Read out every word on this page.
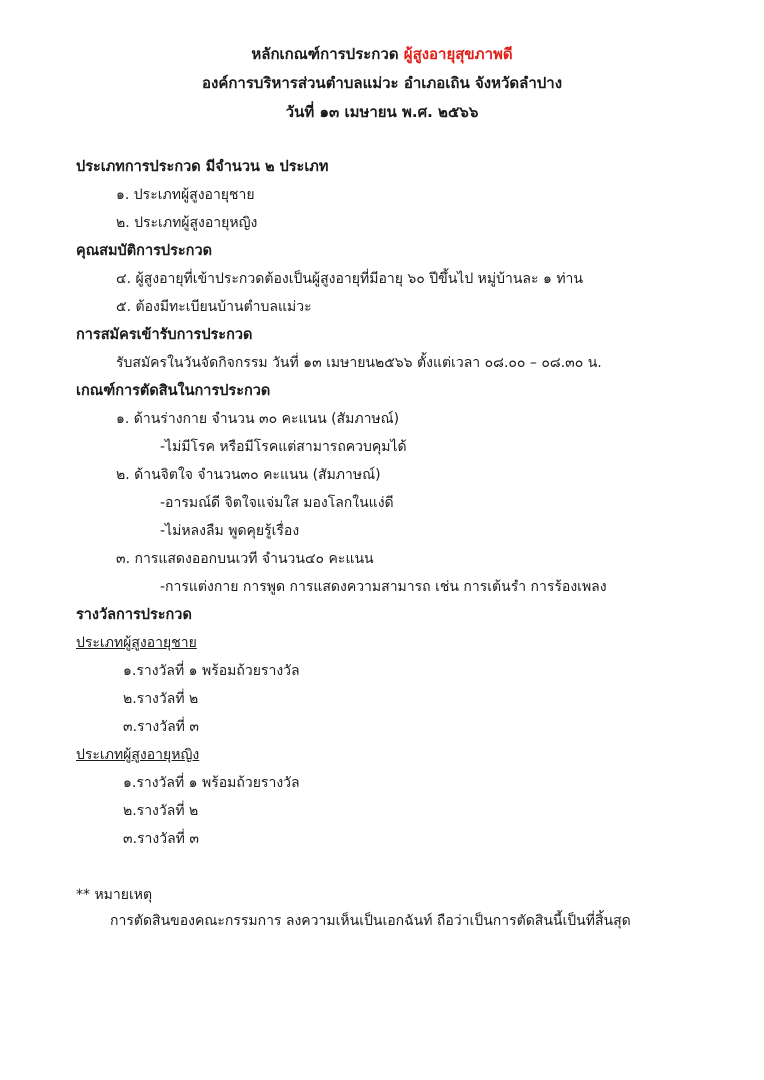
หลักเกณฑ์การประกวด ผู้สูงอายุสุขภาพดี
องค์การบริหารส่วนตำบลแม่วะ อำเภอเถิน จังหวัดลำปาง
วันที่ ๑๓ เมษายน พ.ศ. ๒๕๖๖
ประเภทการประกวด มีจำนวน ๒ ประเภท
๑. ประเภทผู้สูงอายุชาย
๒. ประเภทผู้สูงอายุหญิง
คุณสมบัติการประกวด
๔. ผู้สูงอายุที่เข้าประกวดต้องเป็นผู้สูงอายุที่มีอายุ ๖๐ ปีขึ้นไป หมู่บ้านละ ๑ ท่าน
๕. ต้องมีทะเบียนบ้านตำบลแม่วะ
การสมัครเข้ารับการประกวด
รับสมัครในวันจัดกิจกรรม วันที่ ๑๓ เมษายน๒๕๖๖ ตั้งแต่เวลา ๐๘.๐๐ – ๐๘.๓๐ น.
เกณฑ์การตัดสินในการประกวด
๑. ด้านร่างกาย จำนวน ๓๐ คะแนน (สัมภาษณ์)
-ไม่มีโรค หรือมีโรคแต่สามารถควบคุมได้
๒. ด้านจิตใจ จำนวน๓๐ คะแนน (สัมภาษณ์)
-อารมณ์ดี จิตใจแจ่มใส มองโลกในแง่ดี
-ไม่หลงลืม พูดคุยรู้เรื่อง
๓. การแสดงออกบนเวที จำนวน๔๐ คะแนน
-การแต่งกาย การพูด การแสดงความสามารถ เช่น การเต้นรำ การร้องเพลง
รางวัลการประกวด
ประเภทผู้สูงอายุชาย
๑.รางวัลที่ ๑ พร้อมถ้วยรางวัล
๒.รางวัลที่ ๒
๓.รางวัลที่ ๓
ประเภทผู้สูงอายุหญิง
๑.รางวัลที่ ๑ พร้อมถ้วยรางวัล
๒.รางวัลที่ ๒
๓.รางวัลที่ ๓
** หมายเหตุ
การตัดสินของคณะกรรมการ ลงความเห็นเป็นเอกฉันท์ ถือว่าเป็นการตัดสินนี้เป็นที่สิ้นสุด
